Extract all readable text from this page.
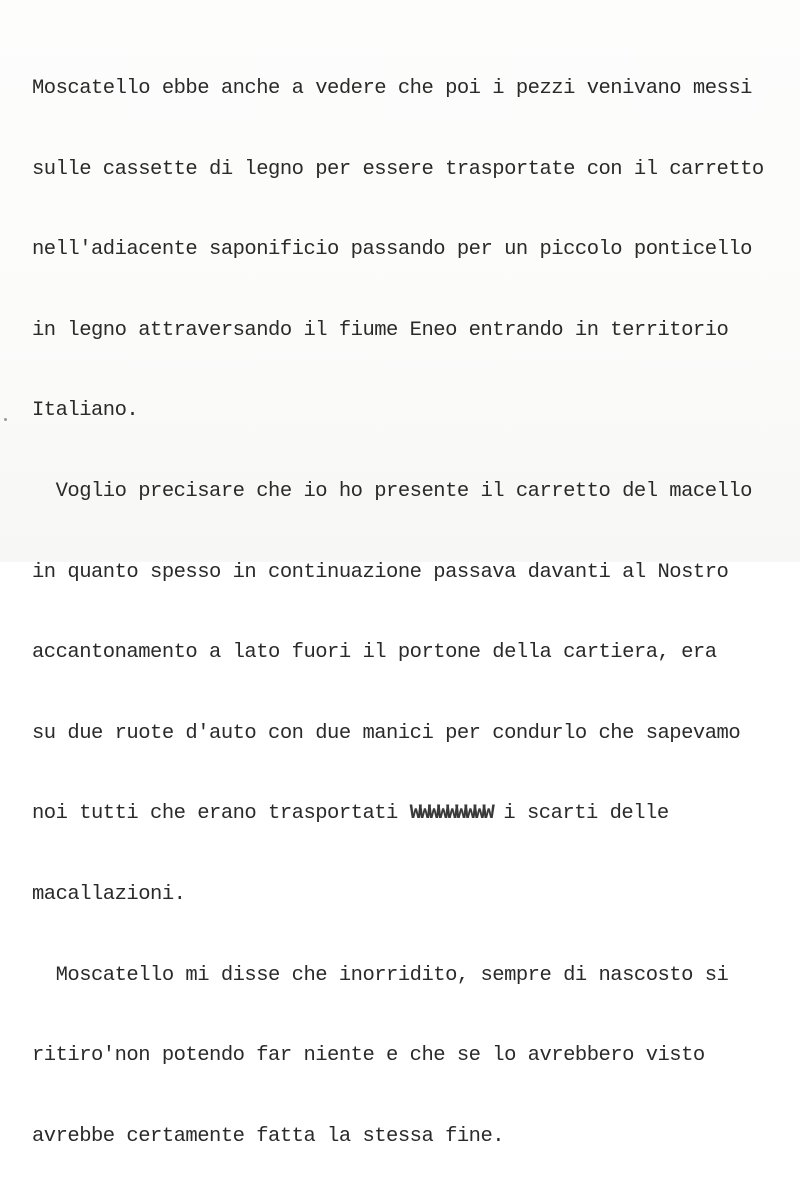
Moscatello ebbe anche a vedere che poi i pezzi venivano messi

sulle cassette di legno per essere trasportate con il carretto

nell'adiacente saponificio passando per un piccolo ponticello

in legno attraversando il fiume Eneo entrando in territorio

Italiano.

Voglio precisare che io ho presente il carretto del macello

in quanto spesso in continuazione passava davanti al Nostro

accantonamento a lato fuori il portone della cartiera, era

su due ruote d'auto con due manici per condurlo che sapevamo

noi tutti che erano trasportati WWWWWWWWW i scarti delle

macallazioni.

Moscatello mi disse che inorridito, sempre di nascosto si

ritiro'non potendo far niente e che se lo avrebbero visto

avrebbe certamente fatta la stessa fine.
